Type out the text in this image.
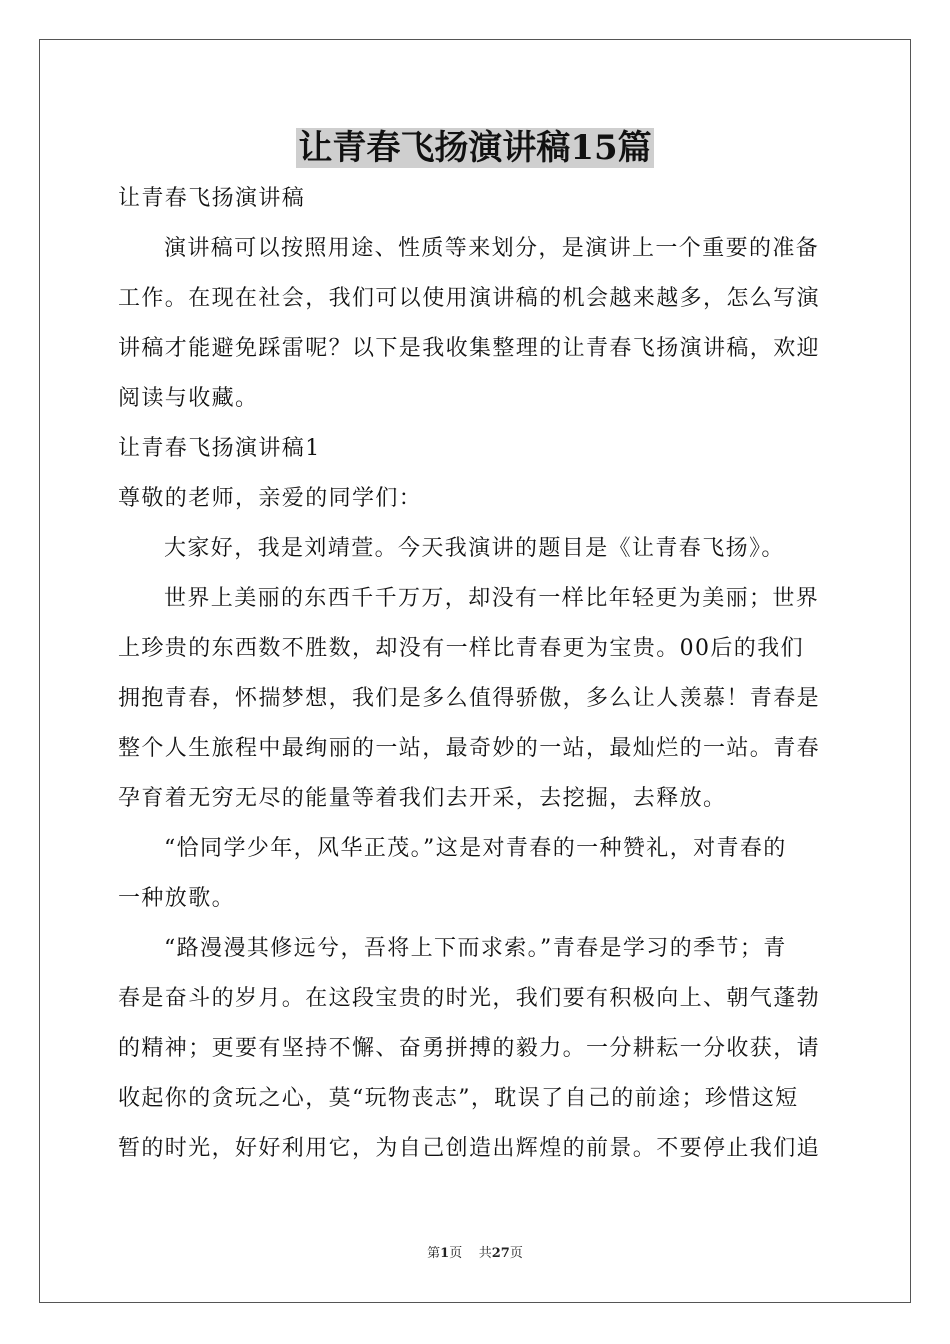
让青春飞扬演讲稿15篇
让青春飞扬演讲稿
演讲稿可以按照用途、性质等来划分，是演讲上一个重要的准备
工作。在现在社会，我们可以使用演讲稿的机会越来越多，怎么写演
讲稿才能避免踩雷呢？以下是我收集整理的让青春飞扬演讲稿，欢迎
阅读与收藏。
让青春飞扬演讲稿1
尊敬的老师，亲爱的同学们：
大家好，我是刘靖萱。今天我演讲的题目是《让青春飞扬》。
世界上美丽的东西千千万万，却没有一样比年轻更为美丽；世界
上珍贵的东西数不胜数，却没有一样比青春更为宝贵。00后的我们
拥抱青春，怀揣梦想，我们是多么值得骄傲，多么让人羡慕！青春是
整个人生旅程中最绚丽的一站，最奇妙的一站，最灿烂的一站。青春
孕育着无穷无尽的能量等着我们去开采，去挖掘，去释放。
“恰同学少年，风华正茂。”这是对青春的一种赞礼，对青春的
一种放歌。
“路漫漫其修远兮，吾将上下而求索。”青春是学习的季节；青
春是奋斗的岁月。在这段宝贵的时光，我们要有积极向上、朝气蓬勃
的精神；更要有坚持不懈、奋勇拼搏的毅力。一分耕耘一分收获，请
收起你的贪玩之心，莫“玩物丧志”，耽误了自己的前途；珍惜这短
暂的时光，好好利用它，为自己创造出辉煌的前景。不要停止我们追
第1页 共27页
